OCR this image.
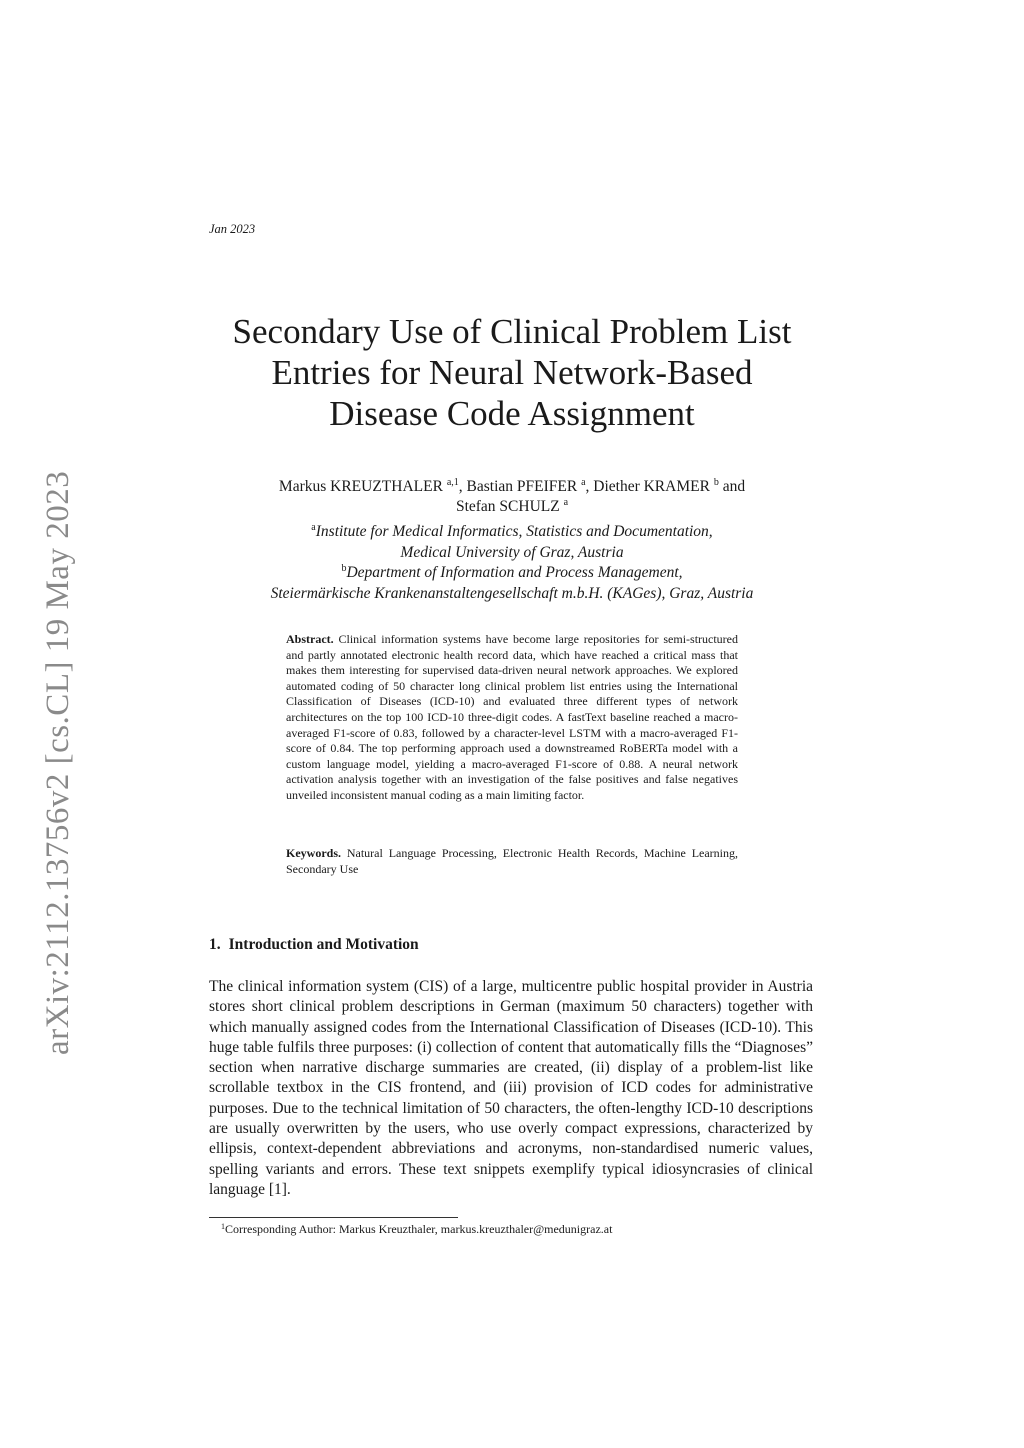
Jan 2023
arXiv:2112.13756v2 [cs.CL] 19 May 2023
Secondary Use of Clinical Problem List
Entries for Neural Network-Based
Disease Code Assignment
Markus KREUZTHALER $^{a,1}$, Bastian PFEIFER $^a$, Diether KRAMER $^b$ and
Stefan SCHULZ $^a$
$^a$Institute for Medical Informatics, Statistics and Documentation,
Medical University of Graz, Austria
$^b$Department of Information and Process Management,
Steiermärkische Krankenanstaltengesellschaft m.b.H. (KAGes), Graz, Austria
Abstract. Clinical information systems have become large repositories for semi-structured and partly annotated electronic health record data, which have reached a critical mass that makes them interesting for supervised data-driven neural network approaches. We explored automated coding of 50 character long clinical problem list entries using the International Classification of Diseases (ICD-10) and evaluated three different types of network architectures on the top 100 ICD-10 three-digit codes. A fastText baseline reached a macro-averaged F1-score of 0.83, followed by a character-level LSTM with a macro-averaged F1-score of 0.84. The top performing approach used a downstreamed RoBERTa model with a custom language model, yielding a macro-averaged F1-score of 0.88. A neural network activation analysis together with an investigation of the false positives and false negatives unveiled inconsistent manual coding as a main limiting factor.
Keywords. Natural Language Processing, Electronic Health Records, Machine Learning, Secondary Use
1. Introduction and Motivation

The clinical information system (CIS) of a large, multicentre public hospital provider in Austria stores short clinical problem descriptions in German (maximum 50 characters) together with which manually assigned codes from the International Classification of Diseases (ICD-10). This huge table fulfils three purposes: (i) collection of content that automatically fills the “Diagnoses” section when narrative discharge summaries are created, (ii) display of a problem-list like scrollable textbox in the CIS frontend, and (iii) provision of ICD codes for administrative purposes. Due to the technical limitation of 50 characters, the often-lengthy ICD-10 descriptions are usually overwritten by the users, who use overly compact expressions, characterized by ellipsis, context-dependent abbreviations and acronyms, non-standardised numeric values, spelling variants and errors. These text snippets exemplify typical idiosyncrasies of clinical language [1].

$^1$Corresponding Author: Markus Kreuzthaler, markus.kreuzthaler@medunigraz.at
